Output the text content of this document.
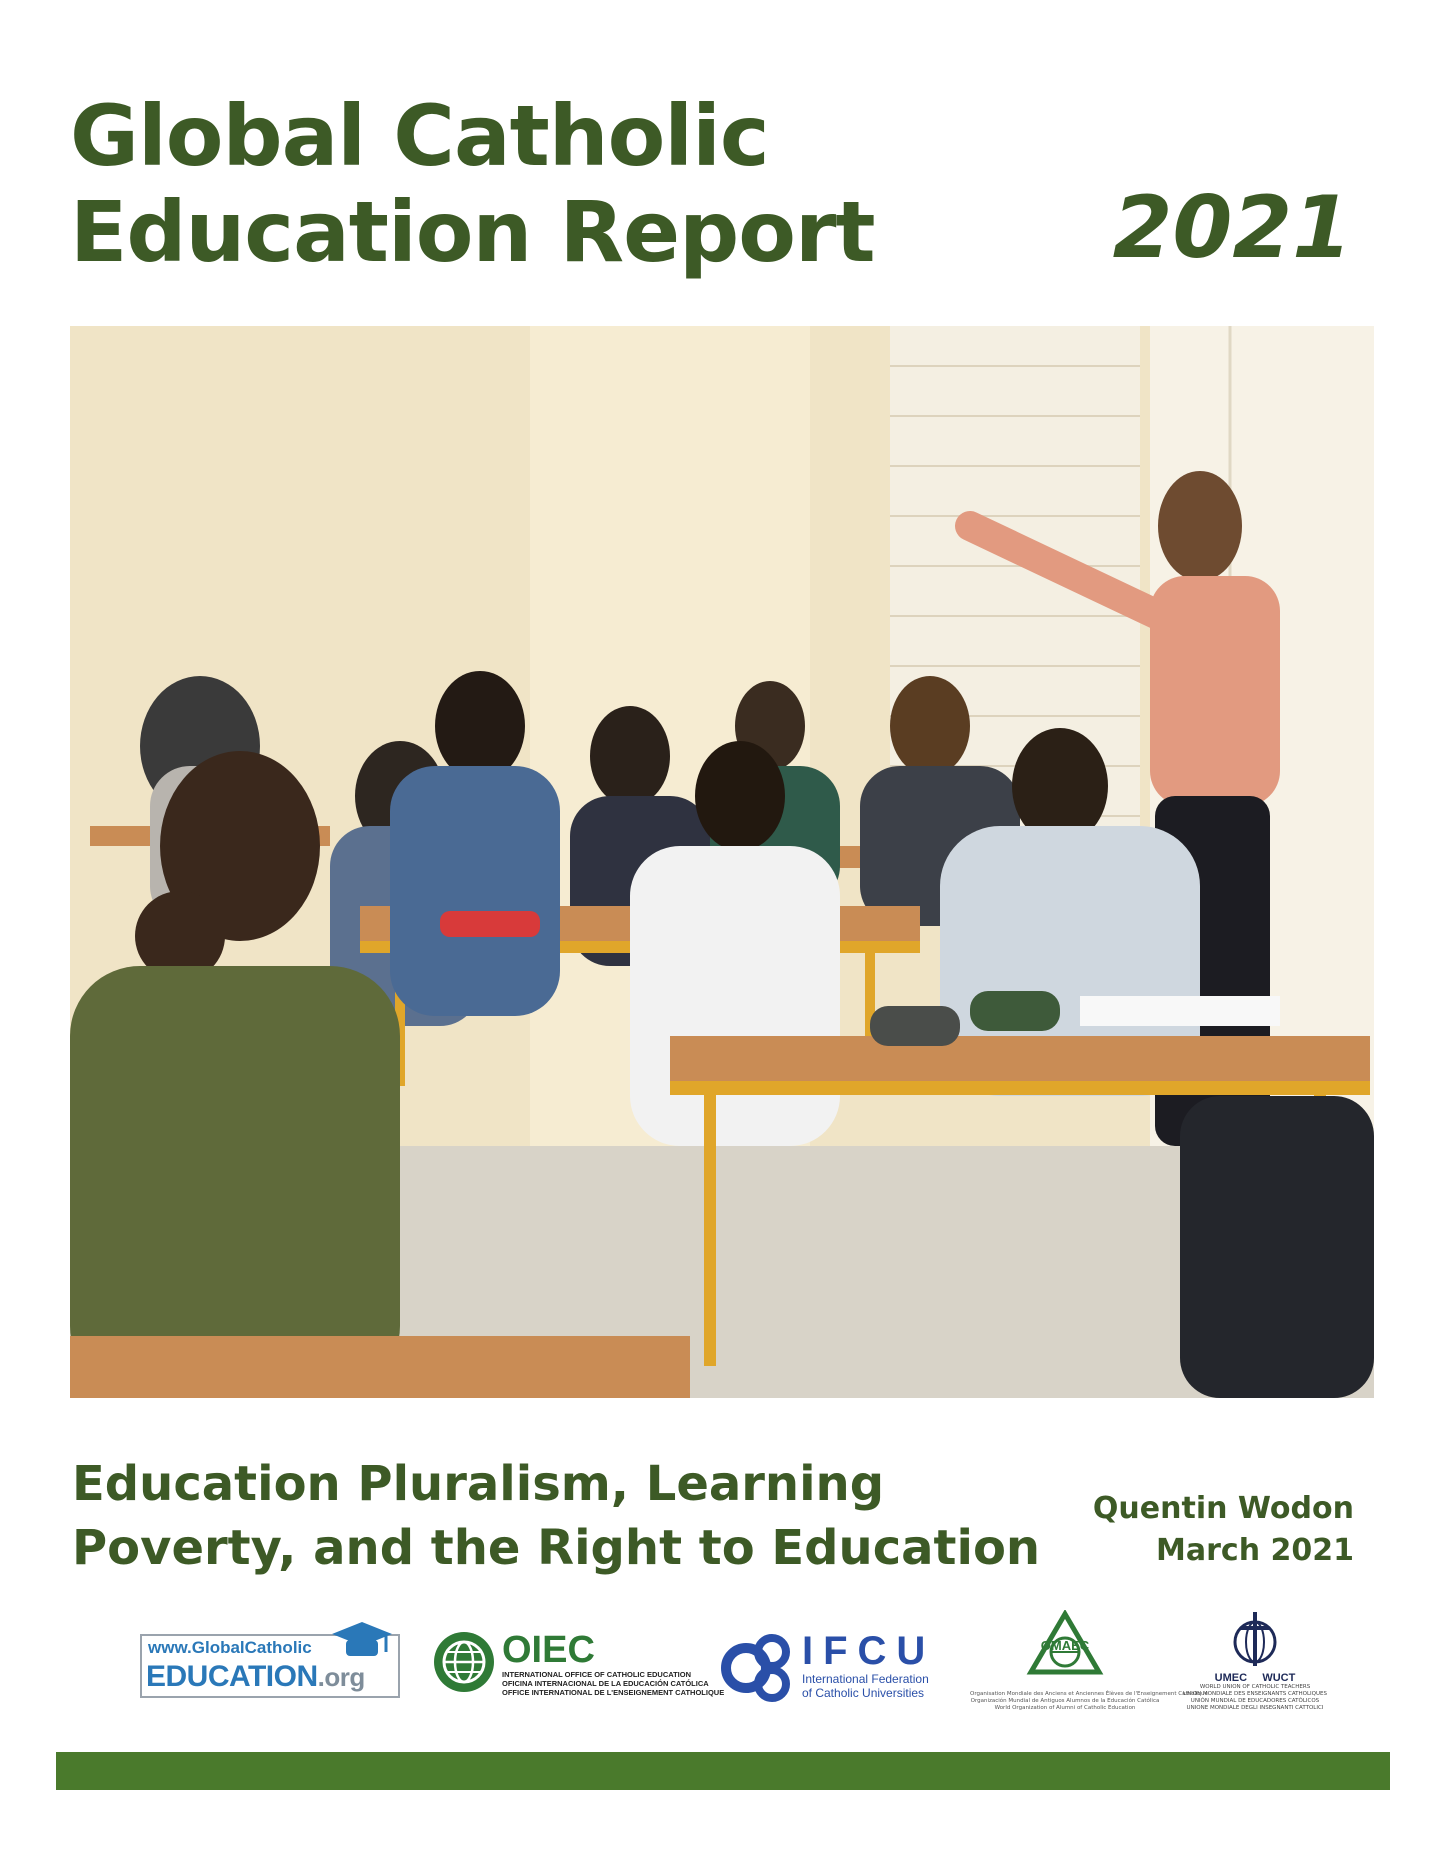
Global Catholic
Education Report	2021
Education Pluralism, Learning
Poverty, and the Right to Education
Quentin Wodon
March 2021
www.GlobalCatholic
EDUCATION.org
OIEC
INTERNATIONAL OFFICE OF CATHOLIC EDUCATION
OFICINA INTERNACIONAL DE LA EDUCACIÓN CATÓLICA
OFFICE INTERNATIONAL DE L'ENSEIGNEMENT CATHOLIQUE
IFCU
International Federation
of Catholic Universities
OMAEC
Organisation Mondiale des Anciens et Anciennes Élèves de l'Enseignement Catholique
Organización Mundial de Antiguos Alumnos de la Educación Católica
World Organization of Alumni of Catholic Education
UMEC WUCT
WORLD UNION OF CATHOLIC TEACHERS
UNION MONDIALE DES ENSEIGNANTS CATHOLIQUES
UNIÓN MUNDIAL DE EDUCADORES CATÓLICOS
UNIONE MONDIALE DEGLI INSEGNANTI CATTOLICI
